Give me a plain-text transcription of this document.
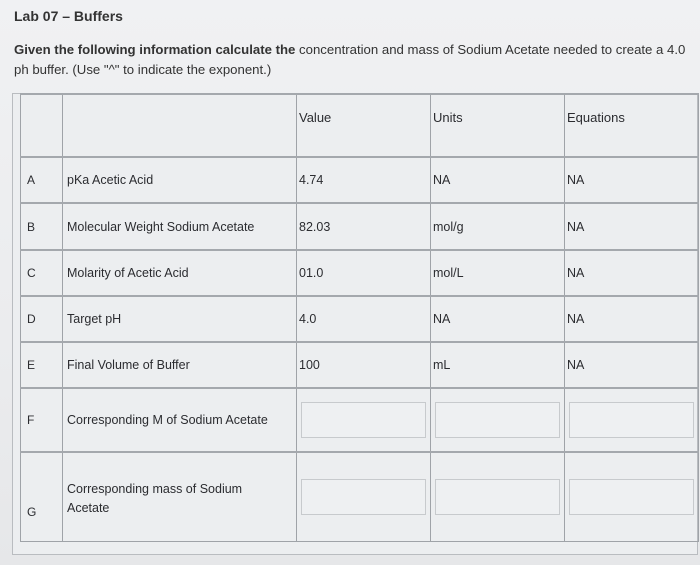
Lab 07 – Buffers
Given the following information calculate the concentration and mass of Sodium Acetate needed to create a 4.0 ph buffer. (Use "^" to indicate the exponent.)
		Value	Units	Equations
A	pKa Acetic Acid	4.74	NA	NA
B	Molecular Weight Sodium Acetate	82.03	mol/g	NA
C	Molarity of Acetic Acid	01.0	mol/L	NA
D	Target pH	4.0	NA	NA
E	Final Volume of Buffer	100	mL	NA
F	Corresponding M of Sodium Acetate	

G	Corresponding mass of Sodium Acetate			
